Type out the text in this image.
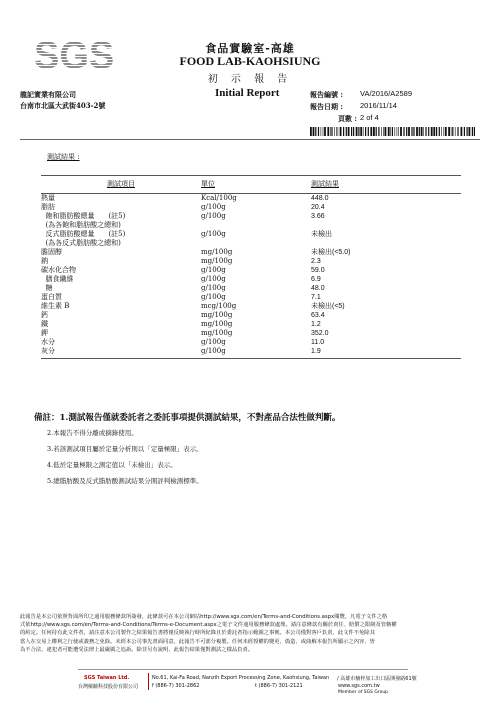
SGS	食品實驗室-高雄
FOOD LAB-KAOHSIUNG
初 示 報 告
Initial Report
龍記實業有限公司
台南市北區大武街403-2號
報告編號 : VA/2016/A2589
報告日期 : 2016/11/14
頁數 : 2 of 4
測試結果 :
測試項目	單位	測試結果
熱量	Kcal/100g	448.0
脂肪	g/100g	20.4
飽和脂肪酸總量　　(註5)	g/100g	3.66
(為各飽和脂肪酸之總和)		
反式脂肪酸總量　　(註5)	g/100g	未檢出
(為各反式脂肪酸之總和)		
膽固醇	mg/100g	未檢出(<5.0)
鈉	mg/100g	2.3
碳水化合物	g/100g	59.0
膳食纖維	g/100g	6.9
糖	g/100g	48.0
蛋白質	g/100g	7.1
維生素 B	mcg/100g	未檢出(<5)
鈣	mg/100g	63.4
鐵	mg/100g	1.2
鉀	mg/100g	352.0
水分	g/100g	11.0
灰分	g/100g	1.9
備註：1.測試報告僅就委託者之委託事項提供測試結果，不對產品合法性做判斷。
2.本報告不得分離或摘錄使用。
3.若該測試項目屬於定量分析則以「定量極限」表示。
4.低於定量極限之測定值以「未檢出」表示。
5.總脂肪酸及反式脂肪酸測試結果分開評判檢測標準。
此報告是本公司依照背面所印之通用服務條款所簽發，此條款可在本公司網站http://www.sgs.com/en/Terms-and-Conditions.aspx閱覽，凡電子文件之格
式依http://www.sgs.com/en/Terms-and-Conditions/Terms-e-Document.aspx之電子文件通用服務條款處理。請注意條款有關於責任、賠償之限制及管轄權
的約定。任何持有此文件者，請注意本公司製作之結果報告書將僅反映執行時所紀錄且於委託者指示範圍之事實。本公司僅對客戶負責，此文件不免除其
當人在交易上權利之行使或義務之免除。未經本公司事先書面同意，此報告不可部分複製。任何未經授權的變更、偽造、或曲解本報告所顯示之內容，皆
為不合法，違犯者可能遭受法律上最嚴厲之追訴。除非另有說明，此報告結果僅對測試之樣品負責。
SGS Taiwan Ltd.
台灣檢驗科技股份有限公司
No.61, Kai-Fa Road, Nanzih Export Processing Zone, Kaohsiung, Taiwan / 高雄市楠梓加工出口區開發路61號
f (886-7) 301-2862	t (886-7) 301-2121	www.sgs.com.tw
Member of SGS Group
